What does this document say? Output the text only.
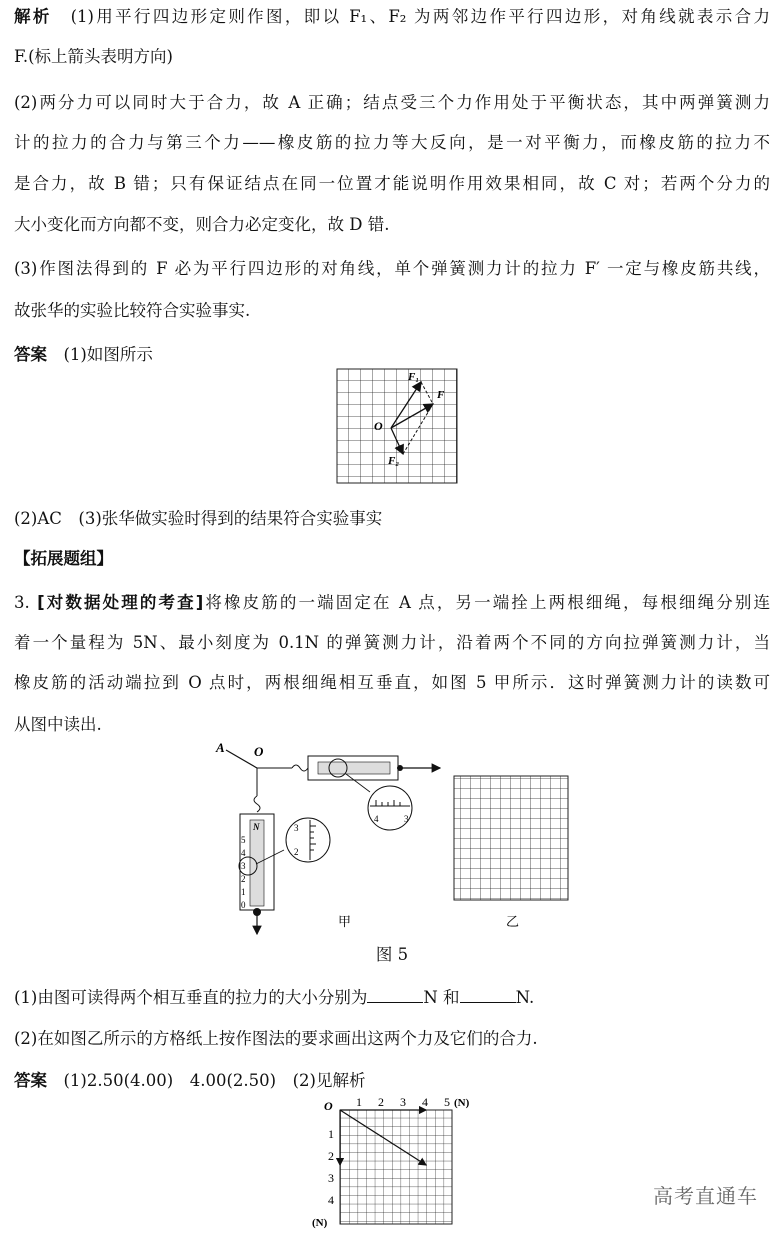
解析　 (1)用平行四边形定则作图，即以 F₁、F₂ 为两邻边作平行四边形，对角线就表示合力
F.(标上箭头表明方向)
(2)两分力可以同时大于合力，故 A 正确；结点受三个力作用处于平衡状态，其中两弹簧测力
计的拉力的合力与第三个力——橡皮筋的拉力等大反向，是一对平衡力，而橡皮筋的拉力不
是合力，故 B 错；只有保证结点在同一位置才能说明作用效果相同，故 C 对；若两个分力的
大小变化而方向都不变，则合力必定变化，故 D 错.
(3)作图法得到的 F 必为平行四边形的对角线，单个弹簧测力计的拉力 F′ 一定与橡皮筋共线，
故张华的实验比较符合实验事实.
答案　 (1)如图所示
O
F₁
F
F₂
(2)AC　(3)张华做实验时得到的结果符合实验事实
【拓展题组】
3. [对数据处理的考查]将橡皮筋的一端固定在 A 点，另一端拴上两根细绳，每根细绳分别连
着一个量程为 5N、最小刻度为 0.1N 的弹簧测力计，沿着两个不同的方向拉弹簧测力计，当
橡皮筋的活动端拉到 O 点时，两根细绳相互垂直，如图 5 甲所示．这时弹簧测力计的读数可
从图中读出.
A O
4	3
N
5
4
3
2
1
0
3
2
甲	乙
图 5
(1)由图可读得两个相互垂直的拉力的大小分别为	N 和	N.
(2)在如图乙所示的方格纸上按作图法的要求画出这两个力及它们的合力.
答案　 (1)2.50(4.00)　4.00(2.50)　(2)见解析
O 1 2 3 4 5 (N)
1
2
3
4
(N)
高考直通车
